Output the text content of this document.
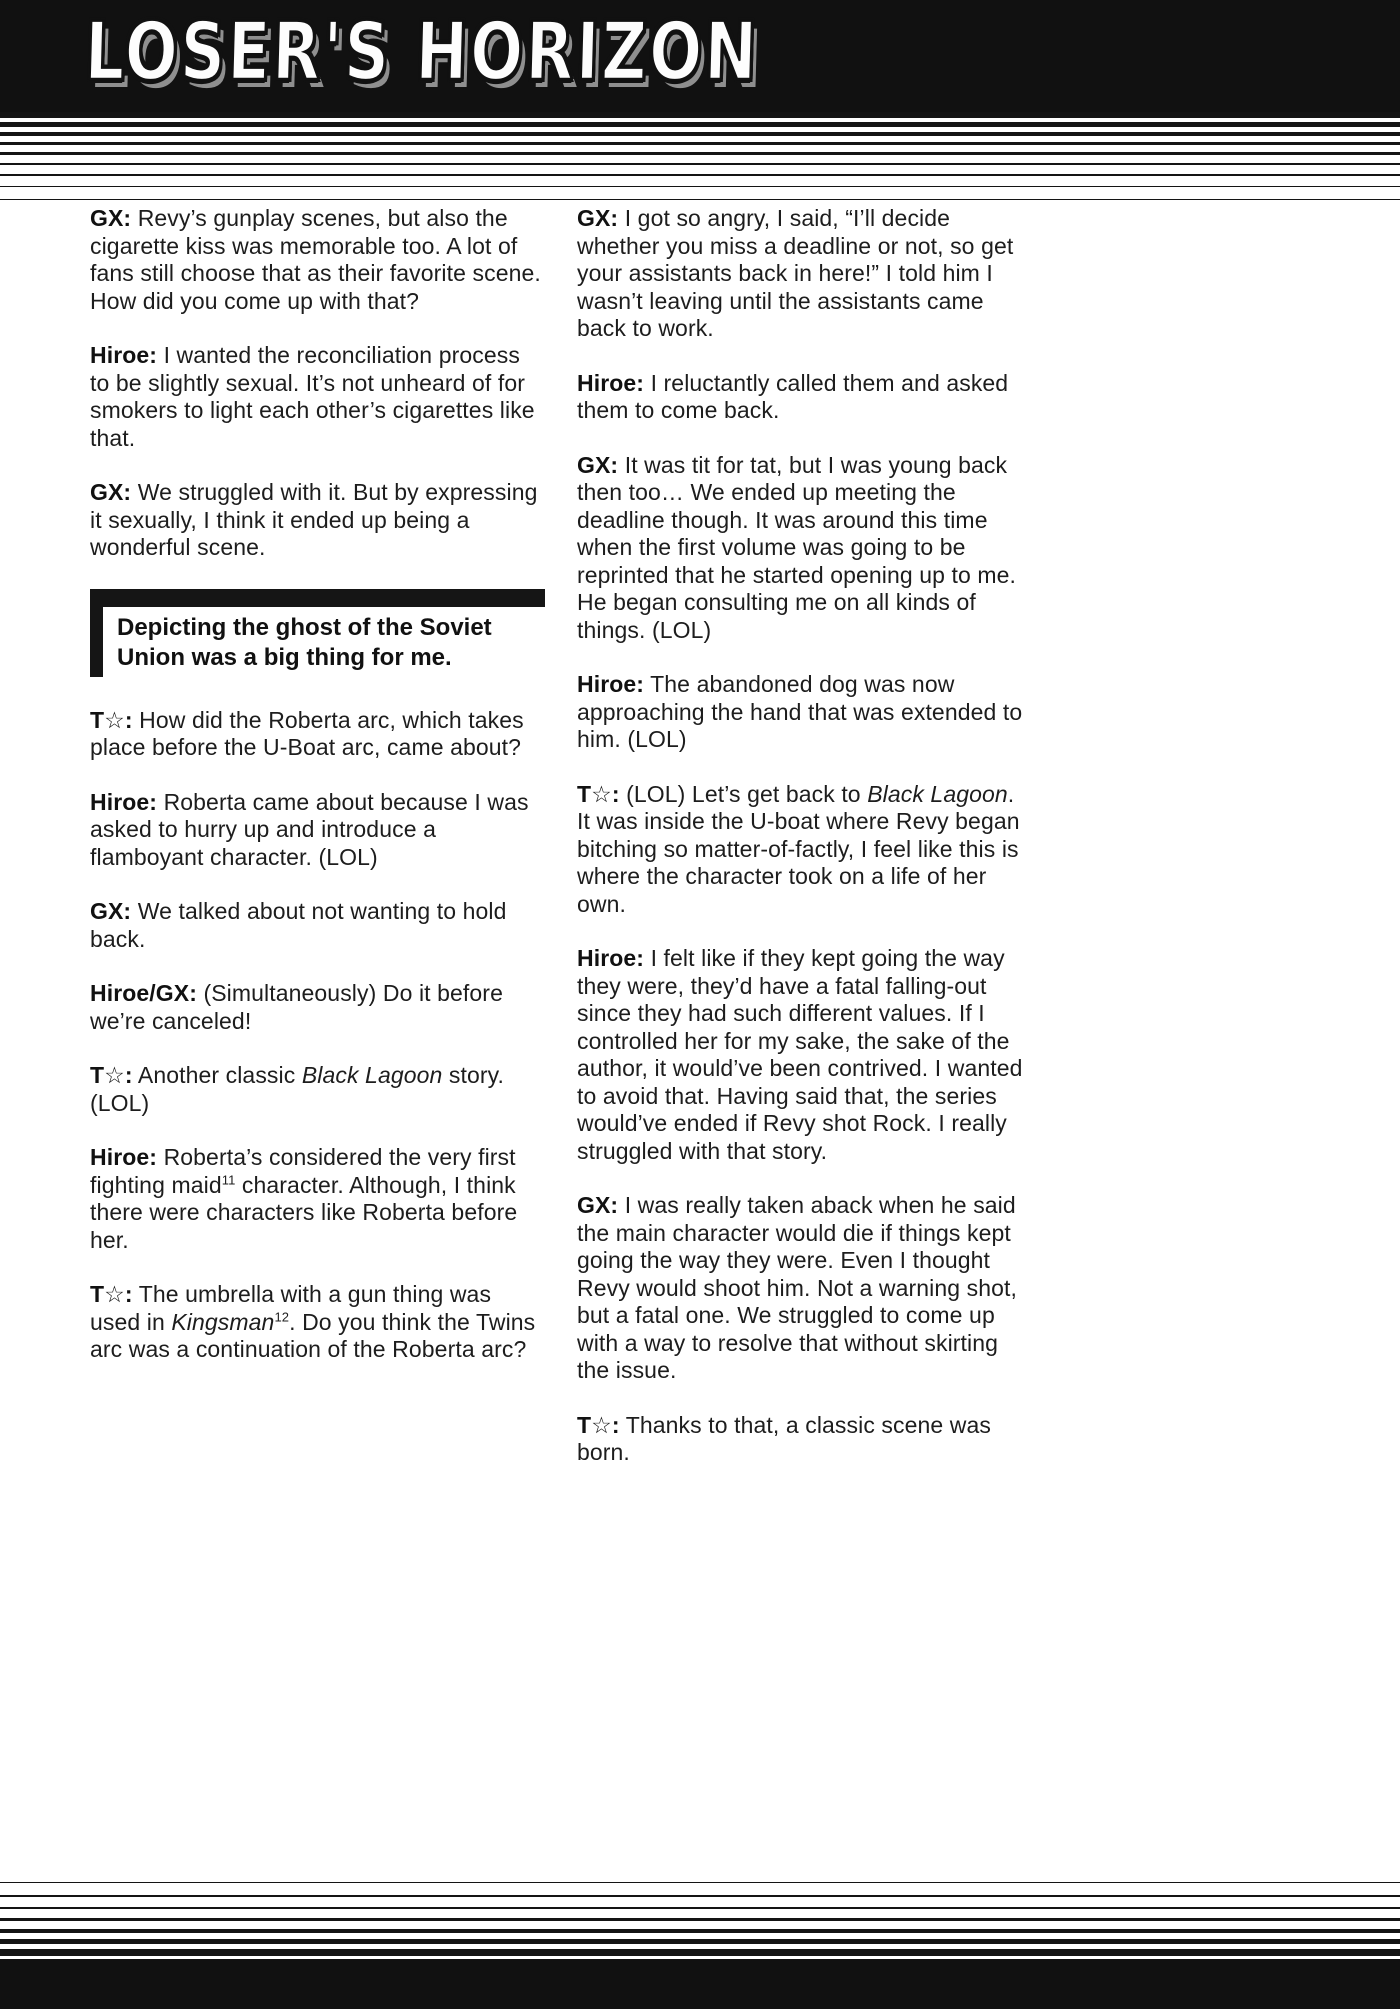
LOSER'S HORIZON

GX: Revy’s gunplay scenes, but also the cigarette kiss was memorable too. A lot of fans still choose that as their favorite scene. How did you come up with that?

Hiroe: I wanted the reconciliation process to be slightly sexual. It’s not unheard of for smokers to light each other’s cigarettes like that.

GX: We struggled with it. But by expressing it sexually, I think it ended up being a wonderful scene.

Depicting the ghost of the Soviet Union was a big thing for me.

T☆: How did the Roberta arc, which takes place before the U-Boat arc, came about?

Hiroe: Roberta came about because I was asked to hurry up and introduce a flamboyant character. (LOL)

GX: We talked about not wanting to hold back.

Hiroe/GX: (Simultaneously) Do it before we’re canceled!

T☆: Another classic Black Lagoon story. (LOL)

Hiroe: Roberta’s considered the very first fighting maid$^{11}$ character. Although, I think there were characters like Roberta before her.

T☆: The umbrella with a gun thing was used in Kingsman$^{12}$. Do you think the Twins arc was a continuation of the Roberta arc?

GX: I got so angry, I said, “I’ll decide whether you miss a deadline or not, so get your assistants back in here!” I told him I wasn’t leaving until the assistants came back to work.

Hiroe: I reluctantly called them and asked them to come back.

GX: It was tit for tat, but I was young back then too… We ended up meeting the deadline though. It was around this time when the first volume was going to be reprinted that he started opening up to me. He began consulting me on all kinds of things. (LOL)

Hiroe: The abandoned dog was now approaching the hand that was extended to him. (LOL)

T☆: (LOL) Let’s get back to Black Lagoon. It was inside the U-boat where Revy began bitching so matter-of-factly, I feel like this is where the character took on a life of her own.

Hiroe: I felt like if they kept going the way they were, they’d have a fatal falling-out since they had such different values. If I controlled her for my sake, the sake of the author, it would’ve been contrived. I wanted to avoid that. Having said that, the series would’ve ended if Revy shot Rock. I really struggled with that story.

GX: I was really taken aback when he said the main character would die if things kept going the way they were. Even I thought Revy would shoot him. Not a warning shot, but a fatal one. We struggled to come up with a way to resolve that without skirting the issue.

T☆: Thanks to that, a classic scene was born.
